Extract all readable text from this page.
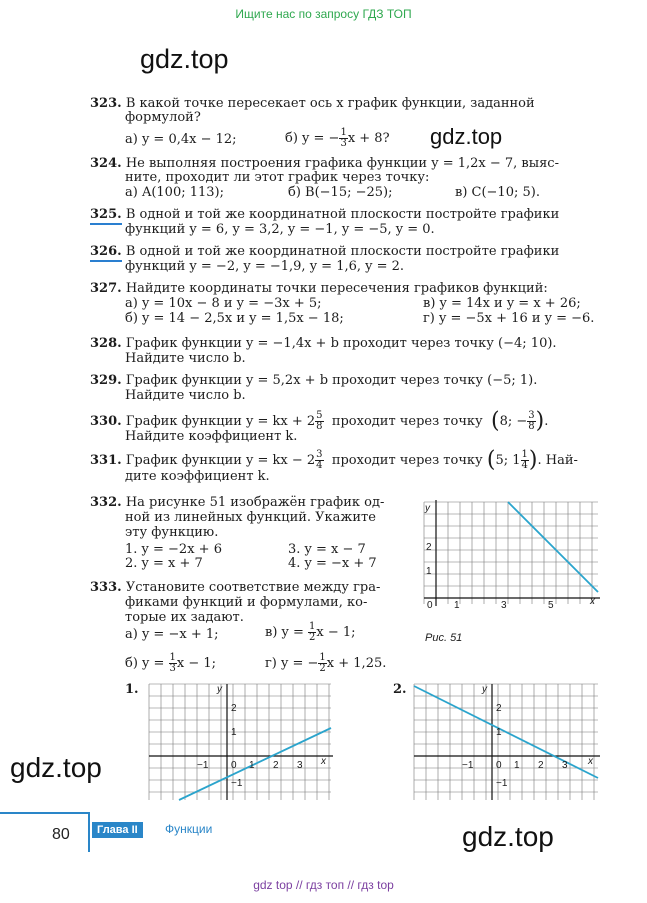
Ищите нас по запросу ГДЗ ТОП
gdz.top
gdz.top
gdz.top
gdz.top
323. В какой точке пересекает ось x график функции, заданной
формулой?
а) y = 0,4x − 12;	б) y = − $\frac{1}{3}$ x + 8?
324. Не выполняя построения графика функции y = 1,2x − 7, выяс-
ните, проходит ли этот график через точку:
а) A(100; 113);	б) B(−15; −25);	в) C(−10; 5).
325. В одной и той же координатной плоскости постройте графики
функций y = 6, y = 3,2, y = −1, y = −5, y = 0.
326. В одной и той же координатной плоскости постройте графики
функций y = −2, y = −1,9, y = 1,6, y = 2.
327. Найдите координаты точки пересечения графиков функций:
а) y = 10x − 8 и y = −3x + 5;	в) y = 14x и y = x + 26;
б) y = 14 − 2,5x и y = 1,5x − 18;	г) y = −5x + 16 и y = −6.
328. График функции y = −1,4x + b проходит через точку (−4; 10).
Найдите число b.
329. График функции y = 5,2x + b проходит через точку (−5; 1).
Найдите число b.
330. График функции y = kx + $2 \frac{5}{8}$ проходит через точку (8; − $\frac{3}{8}$ ).
Найдите коэффициент k.
331. График функции y = kx − $2 \frac{3}{4}$ проходит через точку (5; $1 \frac{1}{4}$ ). Най-
дите коэффициент k.
332. На рисунке 51 изображён график од-
ной из линейных функций. Укажите
эту функцию.
1. y = −2x + 6	3. y = x − 7
2. y = x + 7	4. y = −x + 7
333. Установите соответствие между гра-
фиками функций и формулами, ко-
торые их задают.
а) y = −x + 1;	в) $y = \frac{1}{2}$ x − 1;
б) $y = \frac{1}{3}$ x − 1;	г) y = − $\frac{1}{2}$ x + 1,25.
y
x
2
1
0 1	3	5
Рис. 51
1.	y
x
2
1
−1
−1 0 1 2 3
2.	y
x
2
1
−1
−1 0 1 2 3
80	Глава II	Функции
gdz top // гдз топ // гдз top
